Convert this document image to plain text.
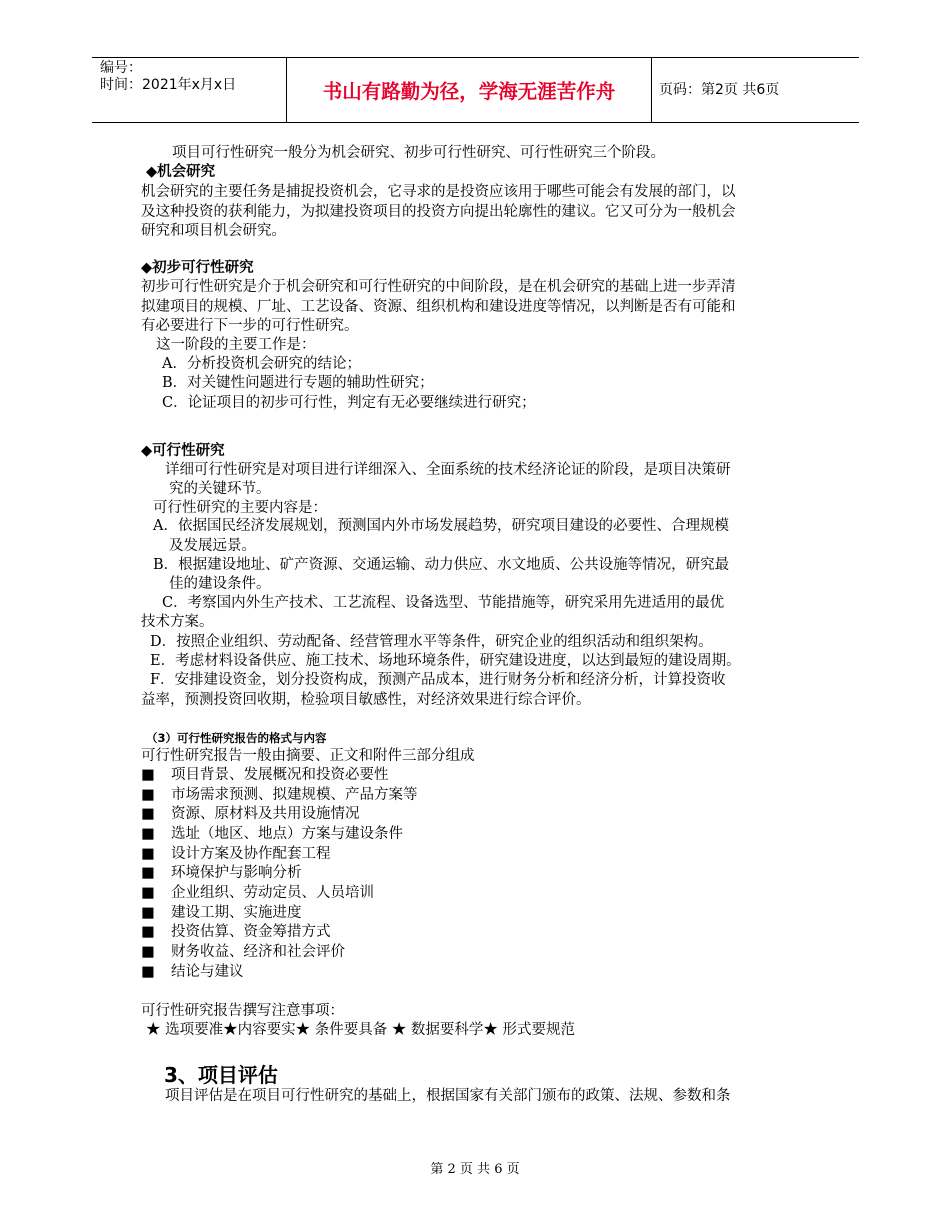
编号：
时间：2021年x月x日	书山有路勤为径，学海无涯苦作舟	页码：第2页 共6页
项目可行性研究一般分为机会研究、初步可行性研究、可行性研究三个阶段。
◆机会研究
机会研究的主要任务是捕捉投资机会，它寻求的是投资应该用于哪些可能会有发展的部门，以
及这种投资的获利能力，为拟建投资项目的投资方向提出轮廓性的建议。它又可分为一般机会
研究和项目机会研究。
◆初步可行性研究
初步可行性研究是介于机会研究和可行性研究的中间阶段，是在机会研究的基础上进一步弄清
拟建项目的规模、厂址、工艺设备、资源、组织机构和建设进度等情况，以判断是否有可能和
有必要进行下一步的可行性研究。
这一阶段的主要工作是：
A．分析投资机会研究的结论；
B．对关键性问题进行专题的辅助性研究；
C．论证项目的初步可行性，判定有无必要继续进行研究；
◆可行性研究
详细可行性研究是对项目进行详细深入、全面系统的技术经济论证的阶段，是项目决策研
究的关键环节。
可行性研究的主要内容是：
A．依据国民经济发展规划，预测国内外市场发展趋势，研究项目建设的必要性、合理规模
及发展远景。
B．根据建设地址、矿产资源、交通运输、动力供应、水文地质、公共设施等情况，研究最
佳的建设条件。
C．考察国内外生产技术、工艺流程、设备选型、节能措施等，研究采用先进适用的最优
技术方案。
D．按照企业组织、劳动配备、经营管理水平等条件，研究企业的组织活动和组织架构。
E．考虑材料设备供应、施工技术、场地环境条件，研究建设进度，以达到最短的建设周期。
F．安排建设资金，划分投资构成，预测产品成本，进行财务分析和经济分析，计算投资收
益率，预测投资回收期，检验项目敏感性，对经济效果进行综合评价。
（3）可行性研究报告的格式与内容
可行性研究报告一般由摘要、正文和附件三部分组成
■ 项目背景、发展概况和投资必要性
■ 市场需求预测、拟建规模、产品方案等
■ 资源、原材料及共用设施情况
■ 选址（地区、地点）方案与建设条件
■ 设计方案及协作配套工程
■ 环境保护与影响分析
■ 企业组织、劳动定员、人员培训
■ 建设工期、实施进度
■ 投资估算、资金筹措方式
■ 财务收益、经济和社会评价
■ 结论与建议
可行性研究报告撰写注意事项：
★ 选项要准★内容要实★ 条件要具备 ★ 数据要科学★ 形式要规范
3、项目评估
项目评估是在项目可行性研究的基础上，根据国家有关部门颁布的政策、法规、参数和条
第 2 页 共 6 页
